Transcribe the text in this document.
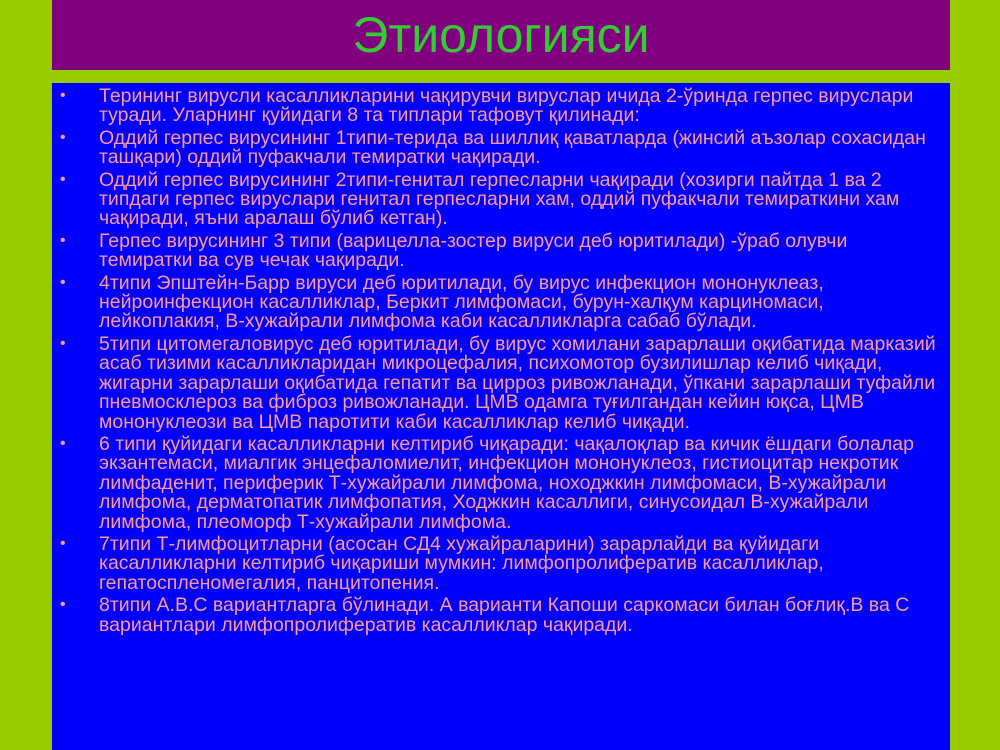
Этиологияси
• Терининг вирусли касалликларини чақирувчи вируслар ичида 2-ўринда герпес вируслари туради. Уларнинг қуйидаги 8 та типлари тафовут қилинади:
• Оддий герпес вирусининг 1типи-терида ва шиллиқ қаватларда (жинсий аъзолар сохасидан ташқари) оддий пуфакчали темиратки чақиради.
• Оддий герпес вирусининг 2типи-генитал герпесларни чақиради (хозирги пайтда 1 ва 2 типдаги герпес вируслари генитал герпесларни хам, оддий пуфакчали темираткини хам чақиради, яъни аралаш бўлиб кетган).
• Герпес вирусининг 3 типи (варицелла-зостер вируси деб юритилади) -ўраб олувчи темиратки ва сув чечак чақиради.
• 4типи Эпштейн-Барр вируси деб юритилади, бу вирус инфекцион мононуклеаз, нейроинфекцион касалликлар, Беркит лимфомаси, бурун-халқум карциномаси, лейкоплакия, В-хужайрали лимфома каби касалликларга сабаб бўлади.
• 5типи цитомегаловирус деб юритилади, бу вирус хомилани зарарлаши оқибатида марказий асаб тизими касалликларидан микроцефалия, психомотор бузилишлар келиб чиқади, жигарни зарарлаши оқибатида гепатит ва цирроз ривожланади, ўпкани зарарлаши туфайли пневмосклероз ва фиброз ривожланади. ЦМВ одамга туғилгандан кейин юқса, ЦМВ мононуклеози ва ЦМВ паротити каби касалликлар келиб чиқади.
• 6 типи қуйидаги касалликларни келтириб чиқаради: чақалоқлар ва кичик ёшдаги болалар экзантемаси, миалгик энцефаломиелит, инфекцион мононуклеоз, гистиоцитар некротик лимфаденит, периферик Т-хужайрали лимфома, ноходжкин лимфомаси, В-хужайрали лимфома, дерматопатик лимфопатия, Ходжкин касаллиги, синусоидал В-хужайрали лимфома, плеоморф Т-хужайрали лимфома.
• 7типи Т-лимфоцитларни (асосан СД4 хужайраларини) зарарлайди ва қуйидаги касалликларни келтириб чиқариши мумкин: лимфопролифератив касалликлар, гепатоспленомегалия, панцитопения.
• 8типи А.В.С вариантларга бўлинади. А варианти Капоши саркомаси билан боғлиқ.В ва С вариантлари лимфопролифератив касалликлар чақиради.
